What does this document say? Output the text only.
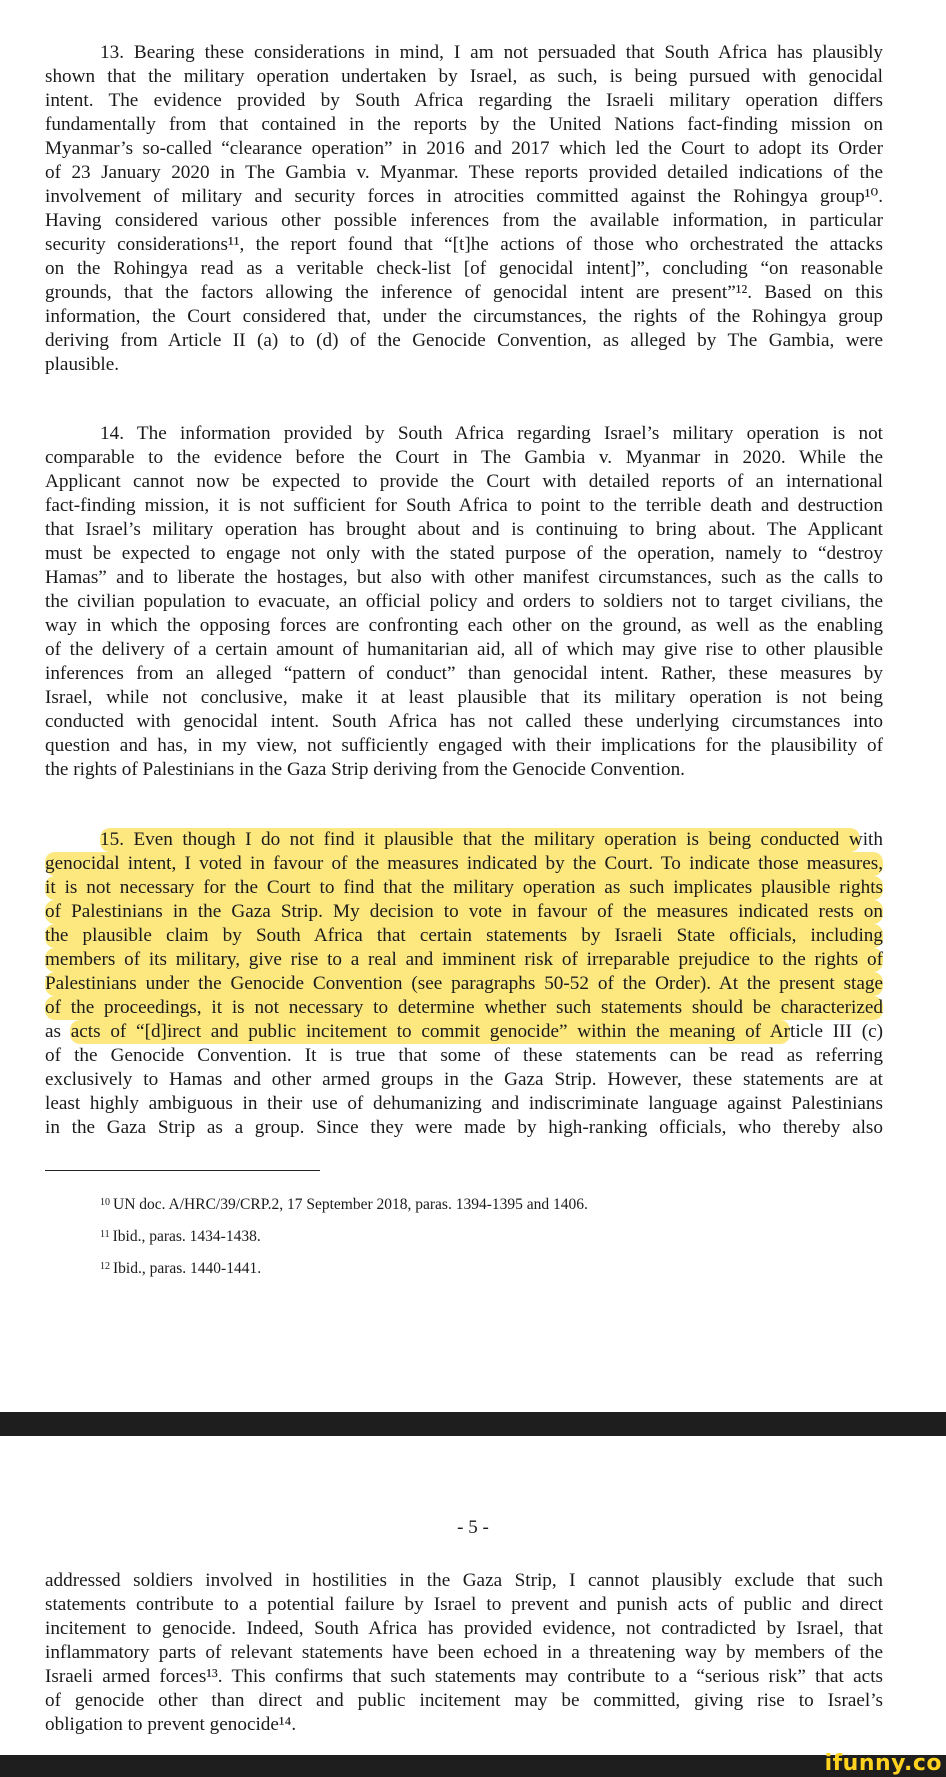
13. Bearing these considerations in mind, I am not persuaded that South Africa has plausibly
shown that the military operation undertaken by Israel, as such, is being pursued with genocidal
intent. The evidence provided by South Africa regarding the Israeli military operation differs
fundamentally from that contained in the reports by the United Nations fact-finding mission on
Myanmar’s so-called “clearance operation” in 2016 and 2017 which led the Court to adopt its Order
of 23 January 2020 in The Gambia v. Myanmar. These reports provided detailed indications of the
involvement of military and security forces in atrocities committed against the Rohingya group¹⁰.
Having considered various other possible inferences from the available information, in particular
security considerations¹¹, the report found that “[t]he actions of those who orchestrated the attacks
on the Rohingya read as a veritable check-list [of genocidal intent]”, concluding “on reasonable
grounds, that the factors allowing the inference of genocidal intent are present”¹². Based on this
information, the Court considered that, under the circumstances, the rights of the Rohingya group
deriving from Article II (a) to (d) of the Genocide Convention, as alleged by The Gambia, were
plausible.
14. The information provided by South Africa regarding Israel’s military operation is not
comparable to the evidence before the Court in The Gambia v. Myanmar in 2020. While the
Applicant cannot now be expected to provide the Court with detailed reports of an international
fact-finding mission, it is not sufficient for South Africa to point to the terrible death and destruction
that Israel’s military operation has brought about and is continuing to bring about. The Applicant
must be expected to engage not only with the stated purpose of the operation, namely to “destroy
Hamas” and to liberate the hostages, but also with other manifest circumstances, such as the calls to
the civilian population to evacuate, an official policy and orders to soldiers not to target civilians, the
way in which the opposing forces are confronting each other on the ground, as well as the enabling
of the delivery of a certain amount of humanitarian aid, all of which may give rise to other plausible
inferences from an alleged “pattern of conduct” than genocidal intent. Rather, these measures by
Israel, while not conclusive, make it at least plausible that its military operation is not being
conducted with genocidal intent. South Africa has not called these underlying circumstances into
question and has, in my view, not sufficiently engaged with their implications for the plausibility of
the rights of Palestinians in the Gaza Strip deriving from the Genocide Convention.
15. Even though I do not find it plausible that the military operation is being conducted with
genocidal intent, I voted in favour of the measures indicated by the Court. To indicate those measures,
it is not necessary for the Court to find that the military operation as such implicates plausible rights
of Palestinians in the Gaza Strip. My decision to vote in favour of the measures indicated rests on
the plausible claim by South Africa that certain statements by Israeli State officials, including
members of its military, give rise to a real and imminent risk of irreparable prejudice to the rights of
Palestinians under the Genocide Convention (see paragraphs 50-52 of the Order). At the present stage
of the proceedings, it is not necessary to determine whether such statements should be characterized
as acts of “[d]irect and public incitement to commit genocide” within the meaning of Article III (c)
of the Genocide Convention. It is true that some of these statements can be read as referring
exclusively to Hamas and other armed groups in the Gaza Strip. However, these statements are at
least highly ambiguous in their use of dehumanizing and indiscriminate language against Palestinians
in the Gaza Strip as a group. Since they were made by high-ranking officials, who thereby also
$^{10}$ UN doc. A/HRC/39/CRP.2, 17 September 2018, paras. 1394-1395 and 1406.
$^{11}$ Ibid., paras. 1434-1438.
$^{12}$ Ibid., paras. 1440-1441.
- 5 -
addressed soldiers involved in hostilities in the Gaza Strip, I cannot plausibly exclude that such
statements contribute to a potential failure by Israel to prevent and punish acts of public and direct
incitement to genocide. Indeed, South Africa has provided evidence, not contradicted by Israel, that
inflammatory parts of relevant statements have been echoed in a threatening way by members of the
Israeli armed forces¹³. This confirms that such statements may contribute to a “serious risk” that acts
of genocide other than direct and public incitement may be committed, giving rise to Israel’s
obligation to prevent genocide¹⁴.
ifunny.co
